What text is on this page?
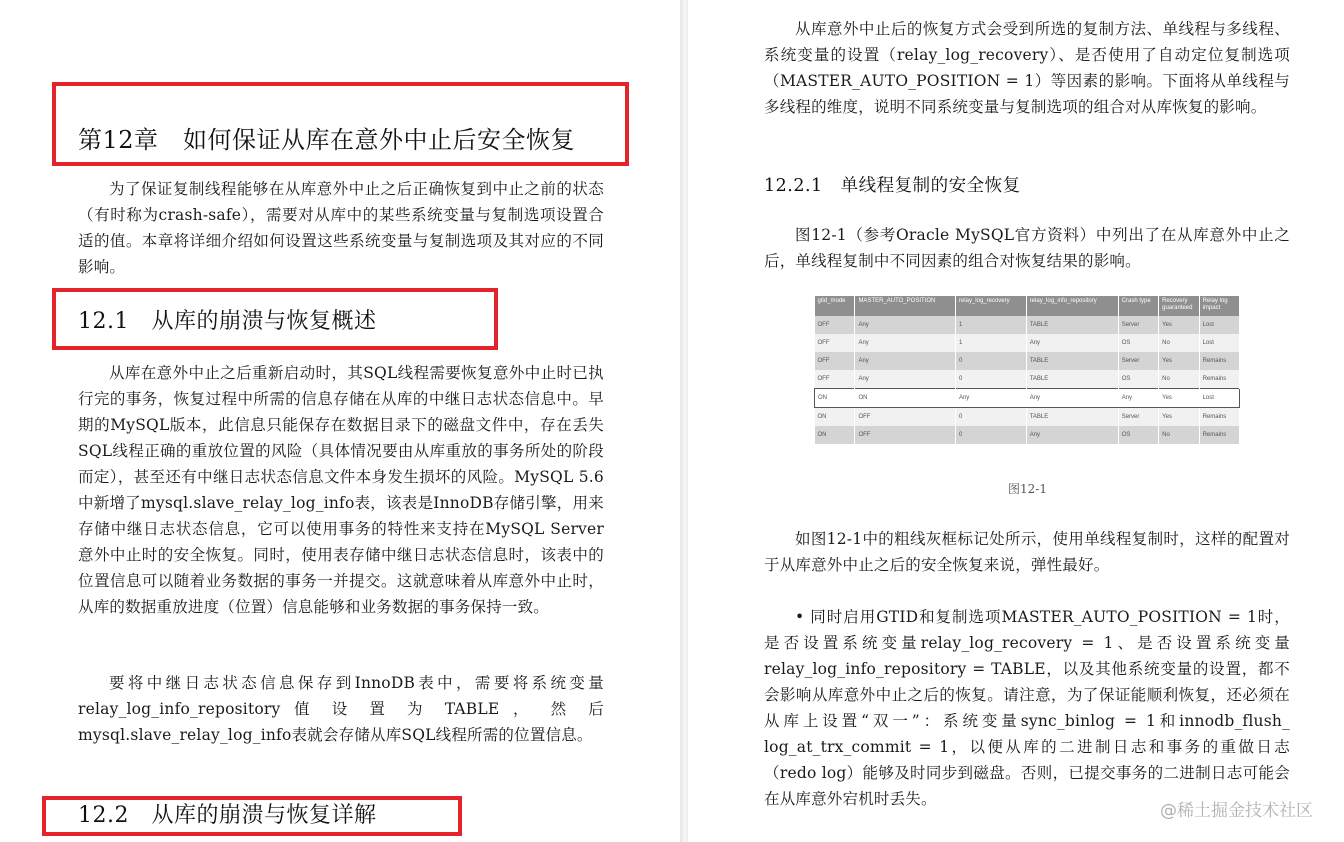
第12章　如何保证从库在意外中止后安全恢复

为了保证复制线程能够在从库意外中止之后正确恢复到中止之前的状态（有时称为crash-safe），需要对从库中的某些系统变量与复制选项设置合适的值。本章将详细介绍如何设置这些系统变量与复制选项及其对应的不同影响。

12.1　从库的崩溃与恢复概述

从库在意外中止之后重新启动时，其SQL线程需要恢复意外中止时已执行完的事务，恢复过程中所需的信息存储在从库的中继日志状态信息中。早期的MySQL版本，此信息只能保存在数据目录下的磁盘文件中，存在丢失SQL线程正确的重放位置的风险（具体情况要由从库重放的事务所处的阶段而定），甚至还有中继日志状态信息文件本身发生损坏的风险。MySQL 5.6中新增了mysql.slave_relay_log_info表，该表是InnoDB存储引擎，用来存储中继日志状态信息，它可以使用事务的特性来支持在MySQL Server意外中止时的安全恢复。同时，使用表存储中继日志状态信息时，该表中的位置信息可以随着业务数据的事务一并提交。这就意味着从库意外中止时，从库的数据重放进度（位置）信息能够和业务数据的事务保持一致。

要将中继日志状态信息保存到InnoDB表中，需要将系统变量relay_log_info_repository 值 设 置 为 TABLE ， 然 后mysql.slave_relay_log_info表就会存储从库SQL线程所需的位置信息。

12.2　从库的崩溃与恢复详解

从库意外中止后的恢复方式会受到所选的复制方法、单线程与多线程、系统变量的设置（relay_log_recovery）、是否使用了自动定位复制选项（MASTER_AUTO_POSITION = 1）等因素的影响。下面将从单线程与多线程的维度，说明不同系统变量与复制选项的组合对从库恢复的影响。

12.2.1　单线程复制的安全恢复

图12-1（参考Oracle MySQL官方资料）中列出了在从库意外中止之后，单线程复制中不同因素的组合对恢复结果的影响。

gtid_mode	MASTER_AUTO_POSITION	relay_log_recovery	relay_log_info_repository	Crash type	Recovery guaranteed	Relay log impact
OFF	Any	1	TABLE	Server	Yes	Lost
OFF	Any	1	Any	OS	No	Lost
OFF	Any	0	TABLE	Server	Yes	Remains
OFF	Any	0	TABLE	OS	No	Remains
ON	ON	Any	Any	Any	Yes	Lost
ON	OFF	0	TABLE	Server	Yes	Remains
ON	OFF	0	Any	OS	No	Remains
图12-1

如图12-1中的粗线灰框标记处所示，使用单线程复制时，这样的配置对于从库意外中止之后的安全恢复来说，弹性最好。

• 同时启用GTID和复制选项MASTER_AUTO_POSITION = 1时，是否设置系统变量relay_log_recovery = 1、是否设置系统变量relay_log_info_repository = TABLE，以及其他系统变量的设置，都不会影响从库意外中止之后的恢复。请注意，为了保证能顺利恢复，还必须在从库上设置“双一”：系统变量sync_binlog = 1和innodb_flush_ log_at_trx_commit = 1，以便从库的二进制日志和事务的重做日志（redo log）能够及时同步到磁盘。否则，已提交事务的二进制日志可能会在从库意外宕机时丢失。

@稀土掘金技术社区
